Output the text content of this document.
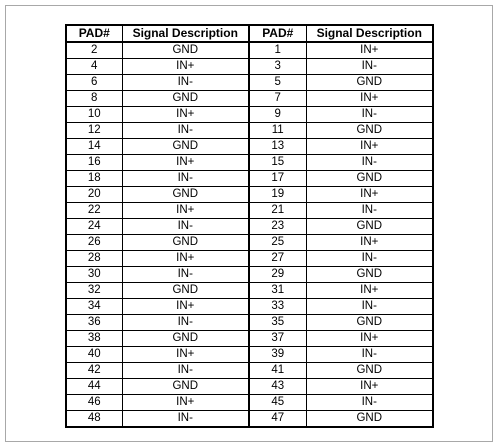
PAD#	Signal Description	PAD#	Signal Description
2	GND	1	IN+
4	IN+	3	IN-
6	IN-	5	GND
8	GND	7	IN+
10	IN+	9	IN-
12	IN-	11	GND
14	GND	13	IN+
16	IN+	15	IN-
18	IN-	17	GND
20	GND	19	IN+
22	IN+	21	IN-
24	IN-	23	GND
26	GND	25	IN+
28	IN+	27	IN-
30	IN-	29	GND
32	GND	31	IN+
34	IN+	33	IN-
36	IN-	35	GND
38	GND	37	IN+
40	IN+	39	IN-
42	IN-	41	GND
44	GND	43	IN+
46	IN+	45	IN-
48	IN-	47	GND
